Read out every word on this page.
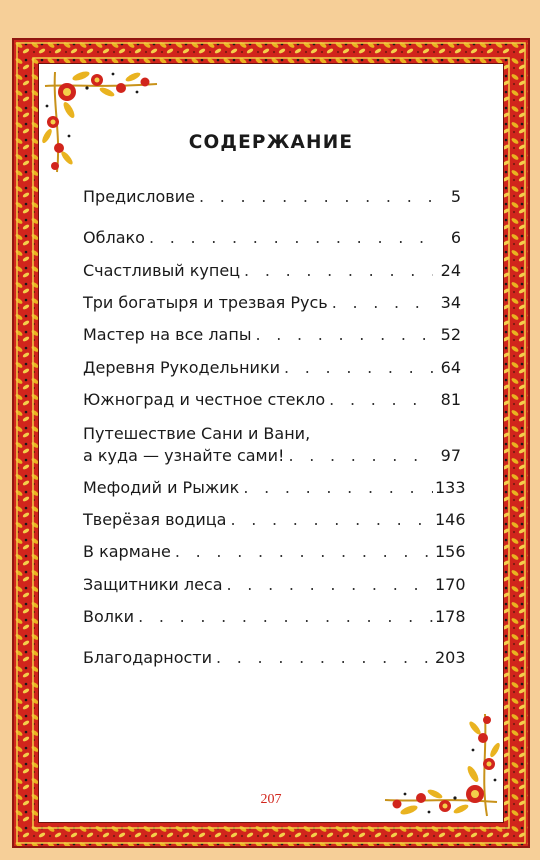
СОДЕРЖАНИЕ
Предисловие . . .	5
Облако . . .	6
Счастливый купец . . .	24
Три богатыря и трезвая Русь . . .	34
Мастер на все лапы . . .	52
Деревня Рукодельники . . .	64
Южноград и честное стекло . . .	81
Путешествие Сани и Вани,
а куда — узнайте сами! . . .	97
Мефодий и Рыжик . . .	133
Тверёзая водица . . .	146
В кармане . . .	156
Защитники леса . . .	170
Волки . . .	178
Благодарности . . .	203
207
